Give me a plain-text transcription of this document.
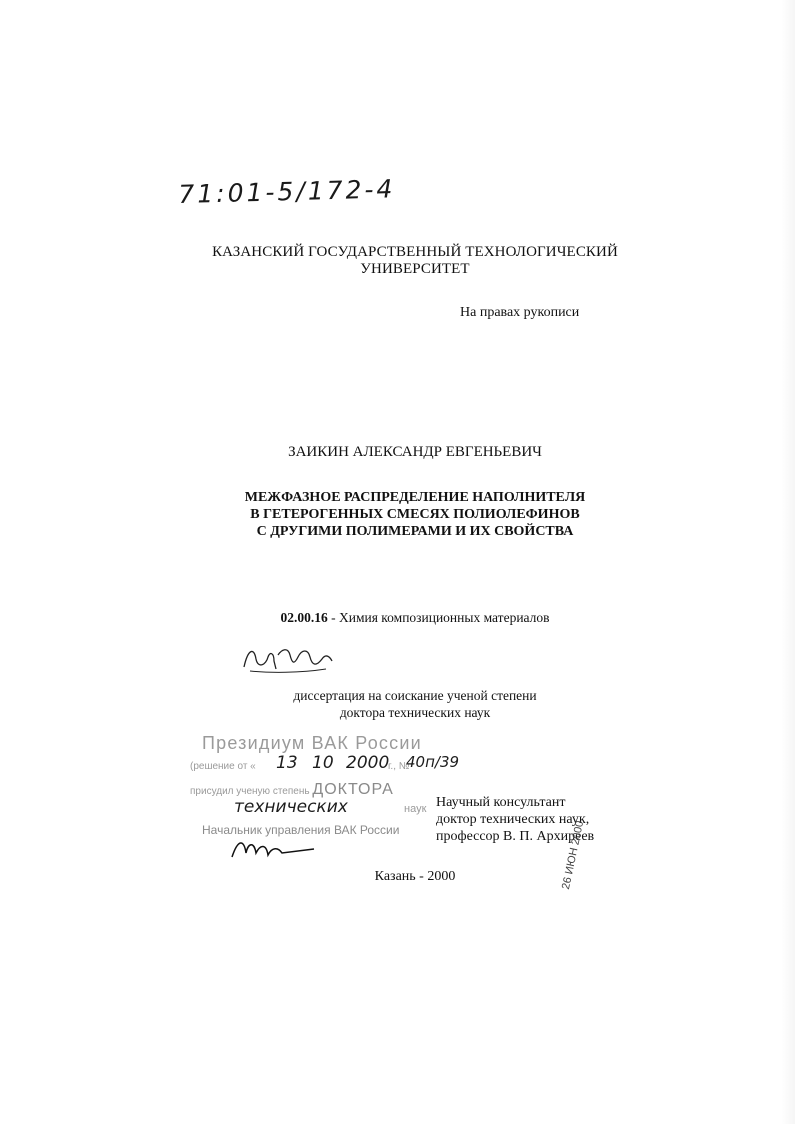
71:01-5/172-4
КАЗАНСКИЙ ГОСУДАРСТВЕННЫЙ ТЕХНОЛОГИЧЕСКИЙ УНИВЕРСИТЕТ
На правах рукописи
ЗАИКИН АЛЕКСАНДР ЕВГЕНЬЕВИЧ
МЕЖФАЗНОЕ РАСПРЕДЕЛЕНИЕ НАПОЛНИТЕЛЯ
В ГЕТЕРОГЕННЫХ СМЕСЯХ ПОЛИОЛЕФИНОВ
С ДРУГИМИ ПОЛИМЕРАМИ И ИХ СВОЙСТВА
02.00.16 - Химия композиционных материалов
диссертация на соискание ученой степени
доктора технических наук
Президиум ВАК России
(решение от « 13 10 2000
г., №
40п/39
присудил ученую степень ДОКТОРА
технических	наук
Начальник управления ВАК России
Научный консультант
доктор технических наук,
профессор В. П. Архиреев
Казань - 2000	26 ИЮН 2000
